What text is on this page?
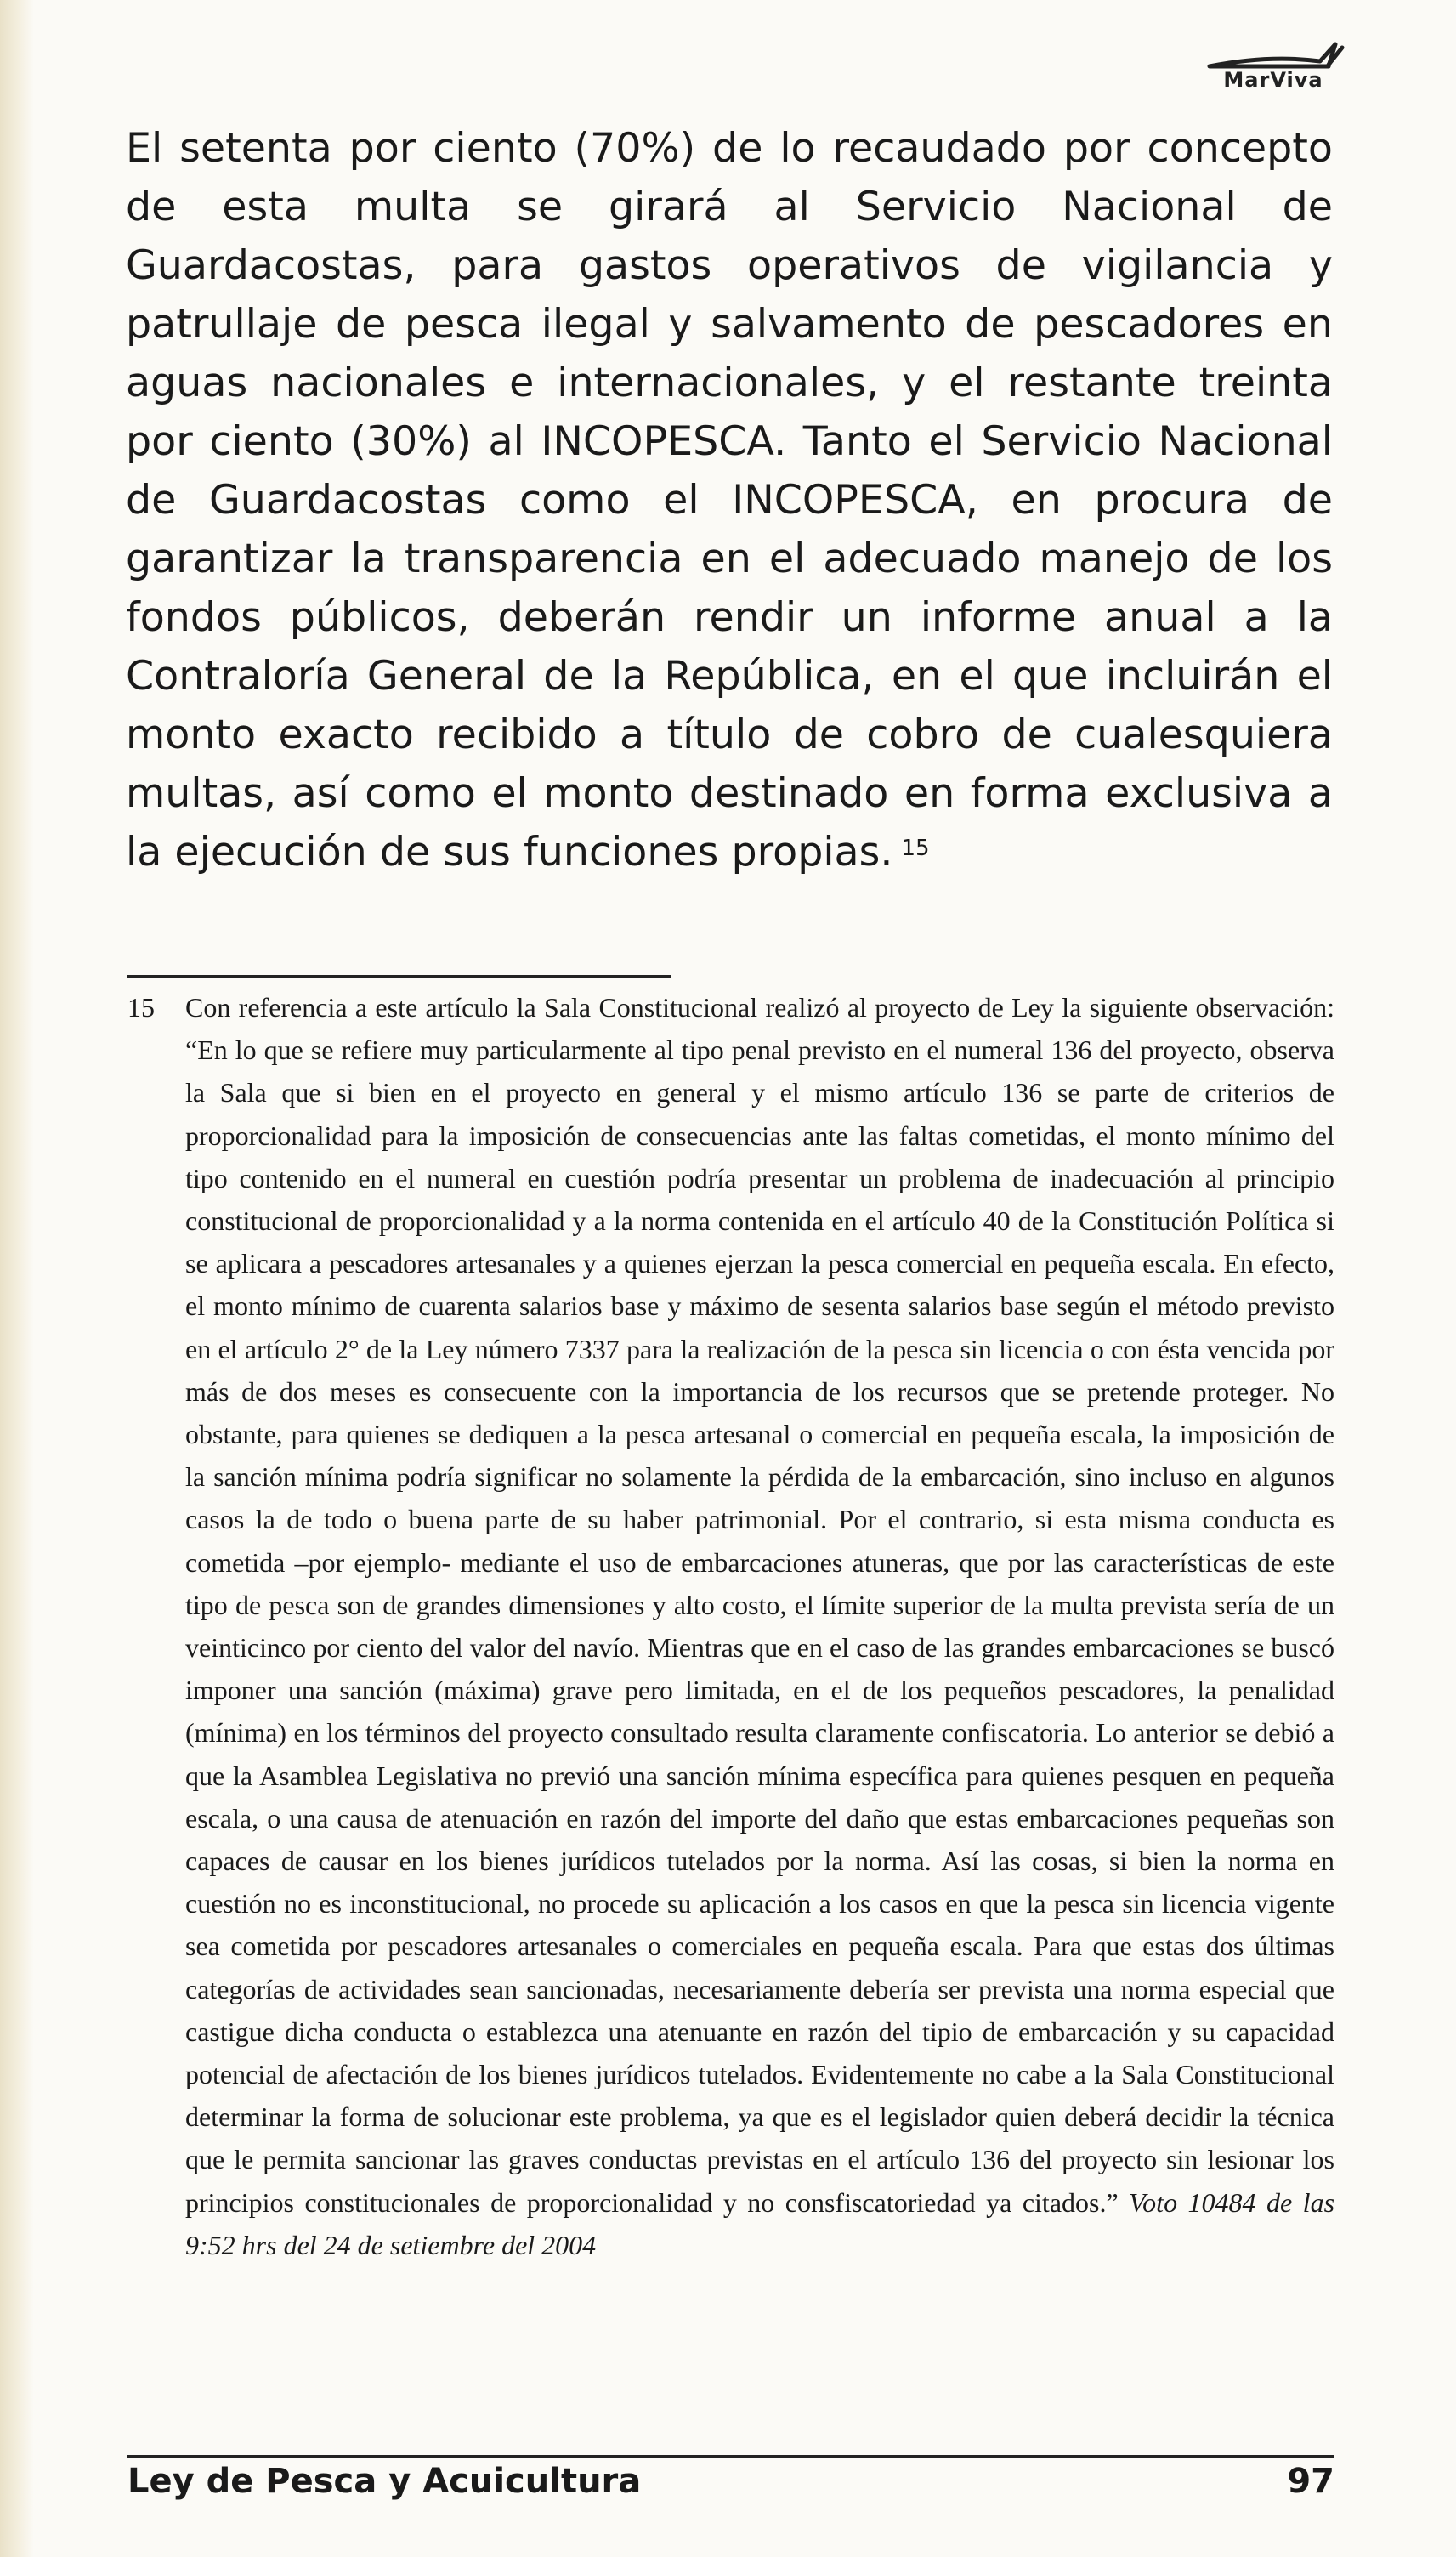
MarViva

El setenta por ciento (70%) de lo recaudado por concepto de esta multa se girará al Servicio Nacional de Guardacostas, para gastos operativos de vigilancia y patrullaje de pesca ilegal y salvamento de pescadores en aguas nacionales e internacionales, y el restante treinta por ciento (30%) al INCOPESCA. Tanto el Servicio Nacional de Guardacostas como el INCOPESCA, en procura de garantizar la transparencia en el adecuado manejo de los fondos públicos, deberán rendir un informe anual a la Contraloría General de la República, en el que incluirán el monto exacto recibido a título de cobro de cualesquiera multas, así como el monto destinado en forma exclusiva a la ejecución de sus funciones propias. $^{15}$

15	Con referencia a este artículo la Sala Constitucional realizó al proyecto de Ley la siguiente observación: “En lo que se refiere muy particularmente al tipo penal previsto en el numeral 136 del proyecto, observa la Sala que si bien en el proyecto en general y el mismo artículo 136 se parte de criterios de proporcionalidad para la imposición de consecuencias ante las faltas cometidas, el monto mínimo del tipo contenido en el numeral en cuestión podría presentar un problema de inadecuación al principio constitucional de proporcionalidad y a la norma contenida en el artículo 40 de la Constitución Política si se aplicara a pescadores artesanales y a quienes ejerzan la pesca comercial en pequeña escala. En efecto, el monto mínimo de cuarenta salarios base y máximo de sesenta salarios base según el método previsto en el artículo 2° de la Ley número 7337 para la realización de la pesca sin licencia o con ésta vencida por más de dos meses es consecuente con la importancia de los recursos que se pretende proteger. No obstante, para quienes se dediquen a la pesca artesanal o comercial en pequeña escala, la imposición de la sanción mínima podría significar no solamente la pérdida de la embarcación, sino incluso en algunos casos la de todo o buena parte de su haber patrimonial. Por el contrario, si esta misma conducta es cometida –por ejemplo- mediante el uso de embarcaciones atuneras, que por las características de este tipo de pesca son de grandes dimensiones y alto costo, el límite superior de la multa prevista sería de un veinticinco por ciento del valor del navío. Mientras que en el caso de las grandes embarcaciones se buscó imponer una sanción (máxima) grave pero limitada, en el de los pequeños pescadores, la penalidad (mínima) en los términos del proyecto consultado resulta claramente confiscatoria. Lo anterior se debió a que la Asamblea Legislativa no previó una sanción mínima específica para quienes pesquen en pequeña escala, o una causa de atenuación en razón del importe del daño que estas embarcaciones pequeñas son capaces de causar en los bienes jurídicos tutelados por la norma. Así las cosas, si bien la norma en cuestión no es inconstitucional, no procede su aplicación a los casos en que la pesca sin licencia vigente sea cometida por pescadores artesanales o comerciales en pequeña escala. Para que estas dos últimas categorías de actividades sean sancionadas, necesariamente debería ser prevista una norma especial que castigue dicha conducta o establezca una atenuante en razón del tipio de embarcación y su capacidad potencial de afectación de los bienes jurídicos tutelados. Evidentemente no cabe a la Sala Constitucional determinar la forma de solucionar este problema, ya que es el legislador quien deberá decidir la técnica que le permita sancionar las graves conductas previstas en el artículo 136 del proyecto sin lesionar los principios constitucionales de proporcionalidad y no consfiscatoriedad ya citados.” Voto 10484 de las 9:52 hrs del 24 de setiembre del 2004
Ley de Pesca y Acuicultura	97
